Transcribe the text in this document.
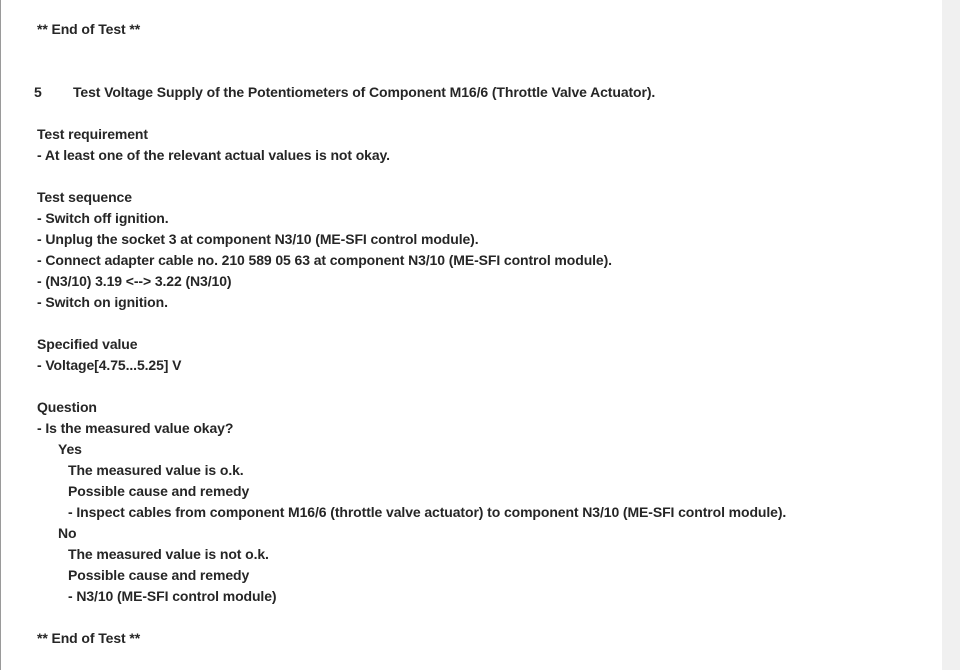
** End of Test **
5 Test Voltage Supply of the Potentiometers of Component M16/6 (Throttle Valve Actuator).
Test requirement
- At least one of the relevant actual values is not okay.
Test sequence
- Switch off ignition.
- Unplug the socket 3 at component N3/10 (ME-SFI control module).
- Connect adapter cable no. 210 589 05 63 at component N3/10 (ME-SFI control module).
- (N3/10) 3.19 <--> 3.22 (N3/10)
- Switch on ignition.
Specified value
- Voltage[4.75...5.25] V
Question
- Is the measured value okay?
Yes
The measured value is o.k.
Possible cause and remedy
- Inspect cables from component M16/6 (throttle valve actuator) to component N3/10 (ME-SFI control module).
No
The measured value is not o.k.
Possible cause and remedy
- N3/10 (ME-SFI control module)
** End of Test **
